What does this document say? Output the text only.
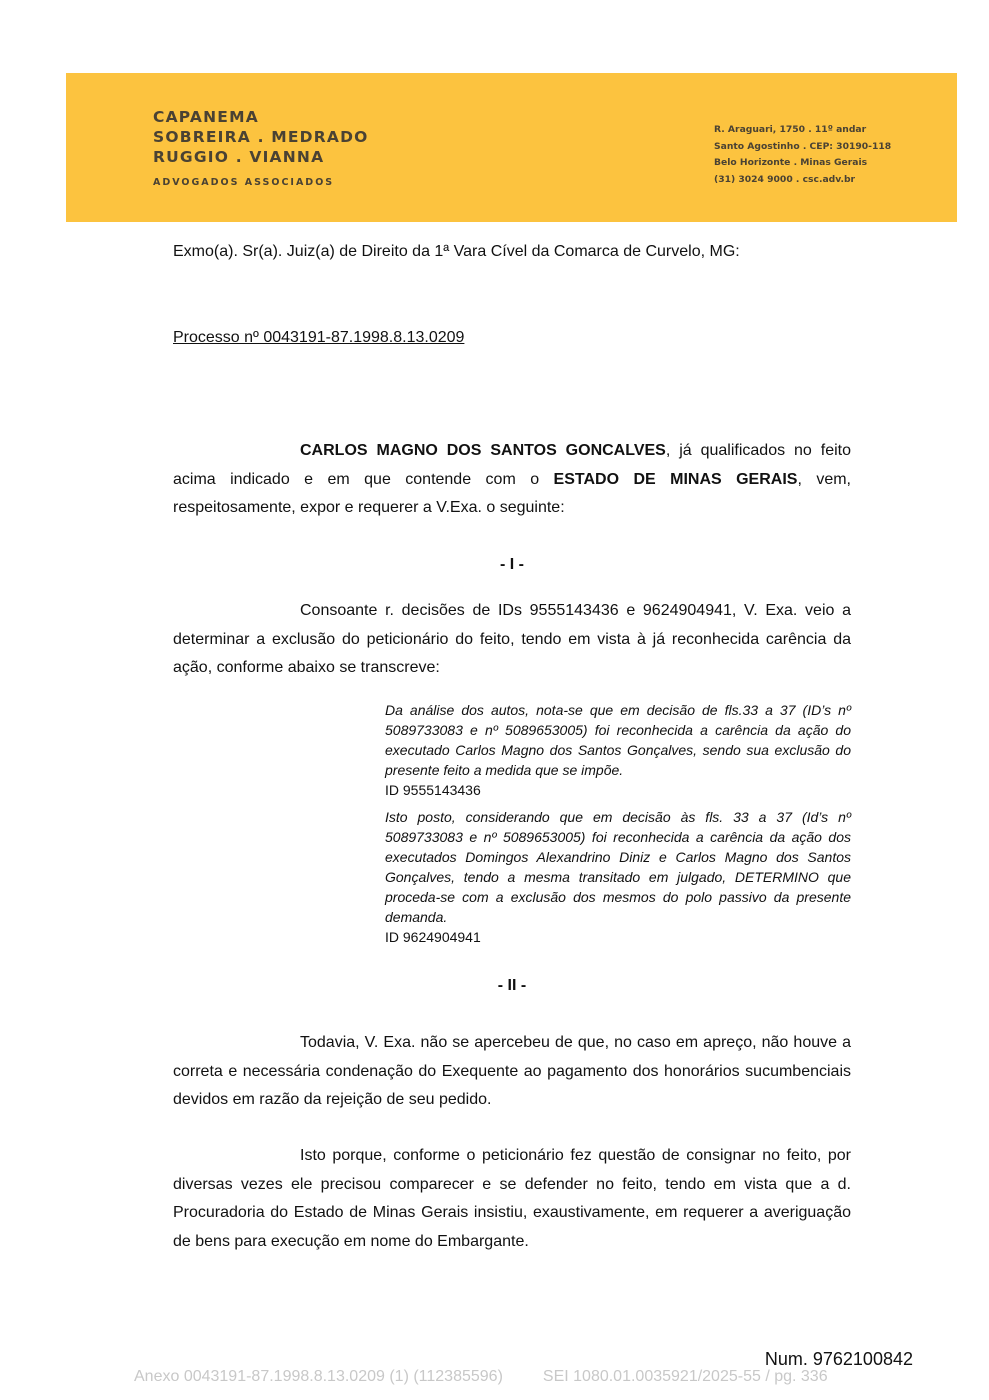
CAPANEMA
SOBREIRA . MEDRADO
RUGGIO . VIANNA
ADVOGADOS ASSOCIADOS
R. Araguari, 1750 . 11º andar
Santo Agostinho . CEP: 30190-118
Belo Horizonte . Minas Gerais
(31) 3024 9000 . csc.adv.br
Exmo(a). Sr(a). Juiz(a) de Direito da 1ª Vara Cível da Comarca de Curvelo, MG:
Processo nº 0043191-87.1998.8.13.0209
CARLOS MAGNO DOS SANTOS GONCALVES, já qualificados no feito acima indicado e em que contende com o ESTADO DE MINAS GERAIS, vem, respeitosamente, expor e requerer a V.Exa. o seguinte:
- I -
Consoante r. decisões de IDs 9555143436 e 9624904941, V. Exa. veio a determinar a exclusão do peticionário do feito, tendo em vista à já reconhecida carência da ação, conforme abaixo se transcreve:
Da análise dos autos, nota-se que em decisão de fls.33 a 37 (ID’s nº 5089733083 e nº 5089653005) foi reconhecida a carência da ação do executado Carlos Magno dos Santos Gonçalves, sendo sua exclusão do presente feito a medida que se impõe.
ID 9555143436
Isto posto, considerando que em decisão às fls. 33 a 37 (Id’s nº 5089733083 e nº 5089653005) foi reconhecida a carência da ação dos executados Domingos Alexandrino Diniz e Carlos Magno dos Santos Gonçalves, tendo a mesma transitado em julgado, DETERMINO que proceda-se com a exclusão dos mesmos do polo passivo da presente demanda.
ID 9624904941
- II -
Todavia, V. Exa. não se apercebeu de que, no caso em apreço, não houve a correta e necessária condenação do Exequente ao pagamento dos honorários sucumbenciais devidos em razão da rejeição de seu pedido.
Isto porque, conforme o peticionário fez questão de consignar no feito, por diversas vezes ele precisou comparecer e se defender no feito, tendo em vista que a d. Procuradoria do Estado de Minas Gerais insistiu, exaustivamente, em requerer a averiguação de bens para execução em nome do Embargante.
Num. 9762100842
Anexo 0043191-87.1998.8.13.0209 (1) (112385596)	SEI 1080.01.0035921/2025-55 / pg. 336
